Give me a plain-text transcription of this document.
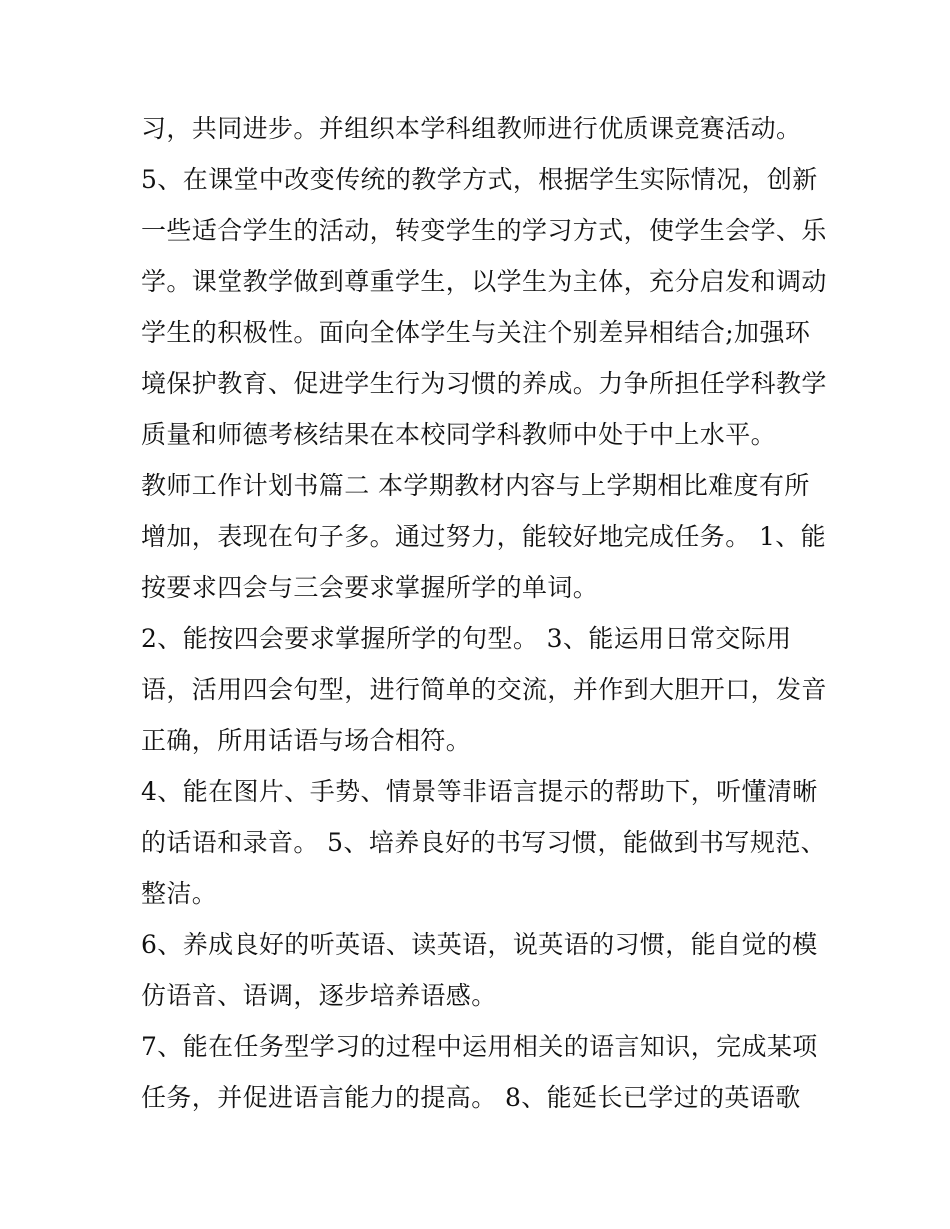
习，共同进步。并组织本学科组教师进行优质课竞赛活动。
5、在课堂中改变传统的教学方式，根据学生实际情况，创新
一些适合学生的活动，转变学生的学习方式，使学生会学、乐
学。课堂教学做到尊重学生，以学生为主体，充分启发和调动
学生的积极性。面向全体学生与关注个别差异相结合;加强环
境保护教育、促进学生行为习惯的养成。力争所担任学科教学
质量和师德考核结果在本校同学科教师中处于中上水平。
教师工作计划书篇二 本学期教材内容与上学期相比难度有所
增加，表现在句子多。通过努力，能较好地完成任务。 1、能
按要求四会与三会要求掌握所学的单词。
2、能按四会要求掌握所学的句型。 3、能运用日常交际用
语，活用四会句型，进行简单的交流，并作到大胆开口，发音
正确，所用话语与场合相符。
4、能在图片、手势、情景等非语言提示的帮助下，听懂清晰
的话语和录音。 5、培养良好的书写习惯，能做到书写规范、
整洁。
6、养成良好的听英语、读英语，说英语的习惯，能自觉的模
仿语音、语调，逐步培养语感。
7、能在任务型学习的过程中运用相关的语言知识，完成某项
任务，并促进语言能力的提高。 8、能延长已学过的英语歌
